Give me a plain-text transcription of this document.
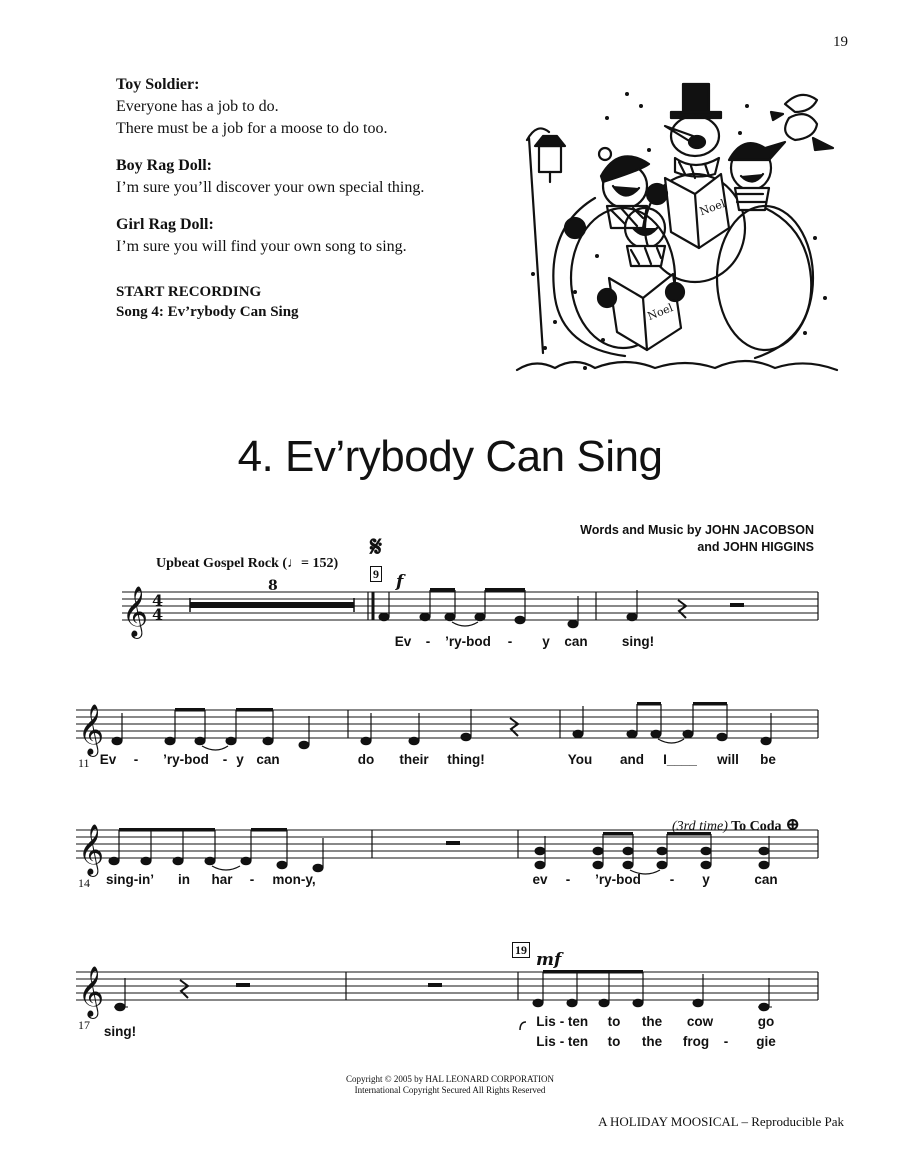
19
Toy Soldier:
Everyone has a job to do.
There must be a job for a moose to do too.
Boy Rag Doll:
I’m sure you’ll discover your own special thing.
Girl Rag Doll:
I’m sure you will find your own song to sing.
START RECORDING
Song 4: Ev’rybody Can Sing
Noel
Noel
4. Ev’rybody Can Sing
Words and Music by JOHN JACOBSON
and JOHN HIGGINS
Upbeat Gospel Rock (♩= 152)
𝄞 4
4
8
𝄋
9 f
Ev - ’ry-bod - y can	sing!
𝄞
11 Ev - ’ry-bod - y can	do their thing!	You and I____ will be
𝄞	(3rd time) To Coda ⊕
14 sing-in’ in har - mon-y,	ev - ’ry-bod - y	can
𝄞
19 mf
17 sing!
Lis - ten to the cow	go
Lis - ten to the frog - gie
Copyright © 2005 by HAL LEONARD CORPORATION
International Copyright Secured All Rights Reserved
A HOLIDAY MOOSICAL – Reproducible Pak
